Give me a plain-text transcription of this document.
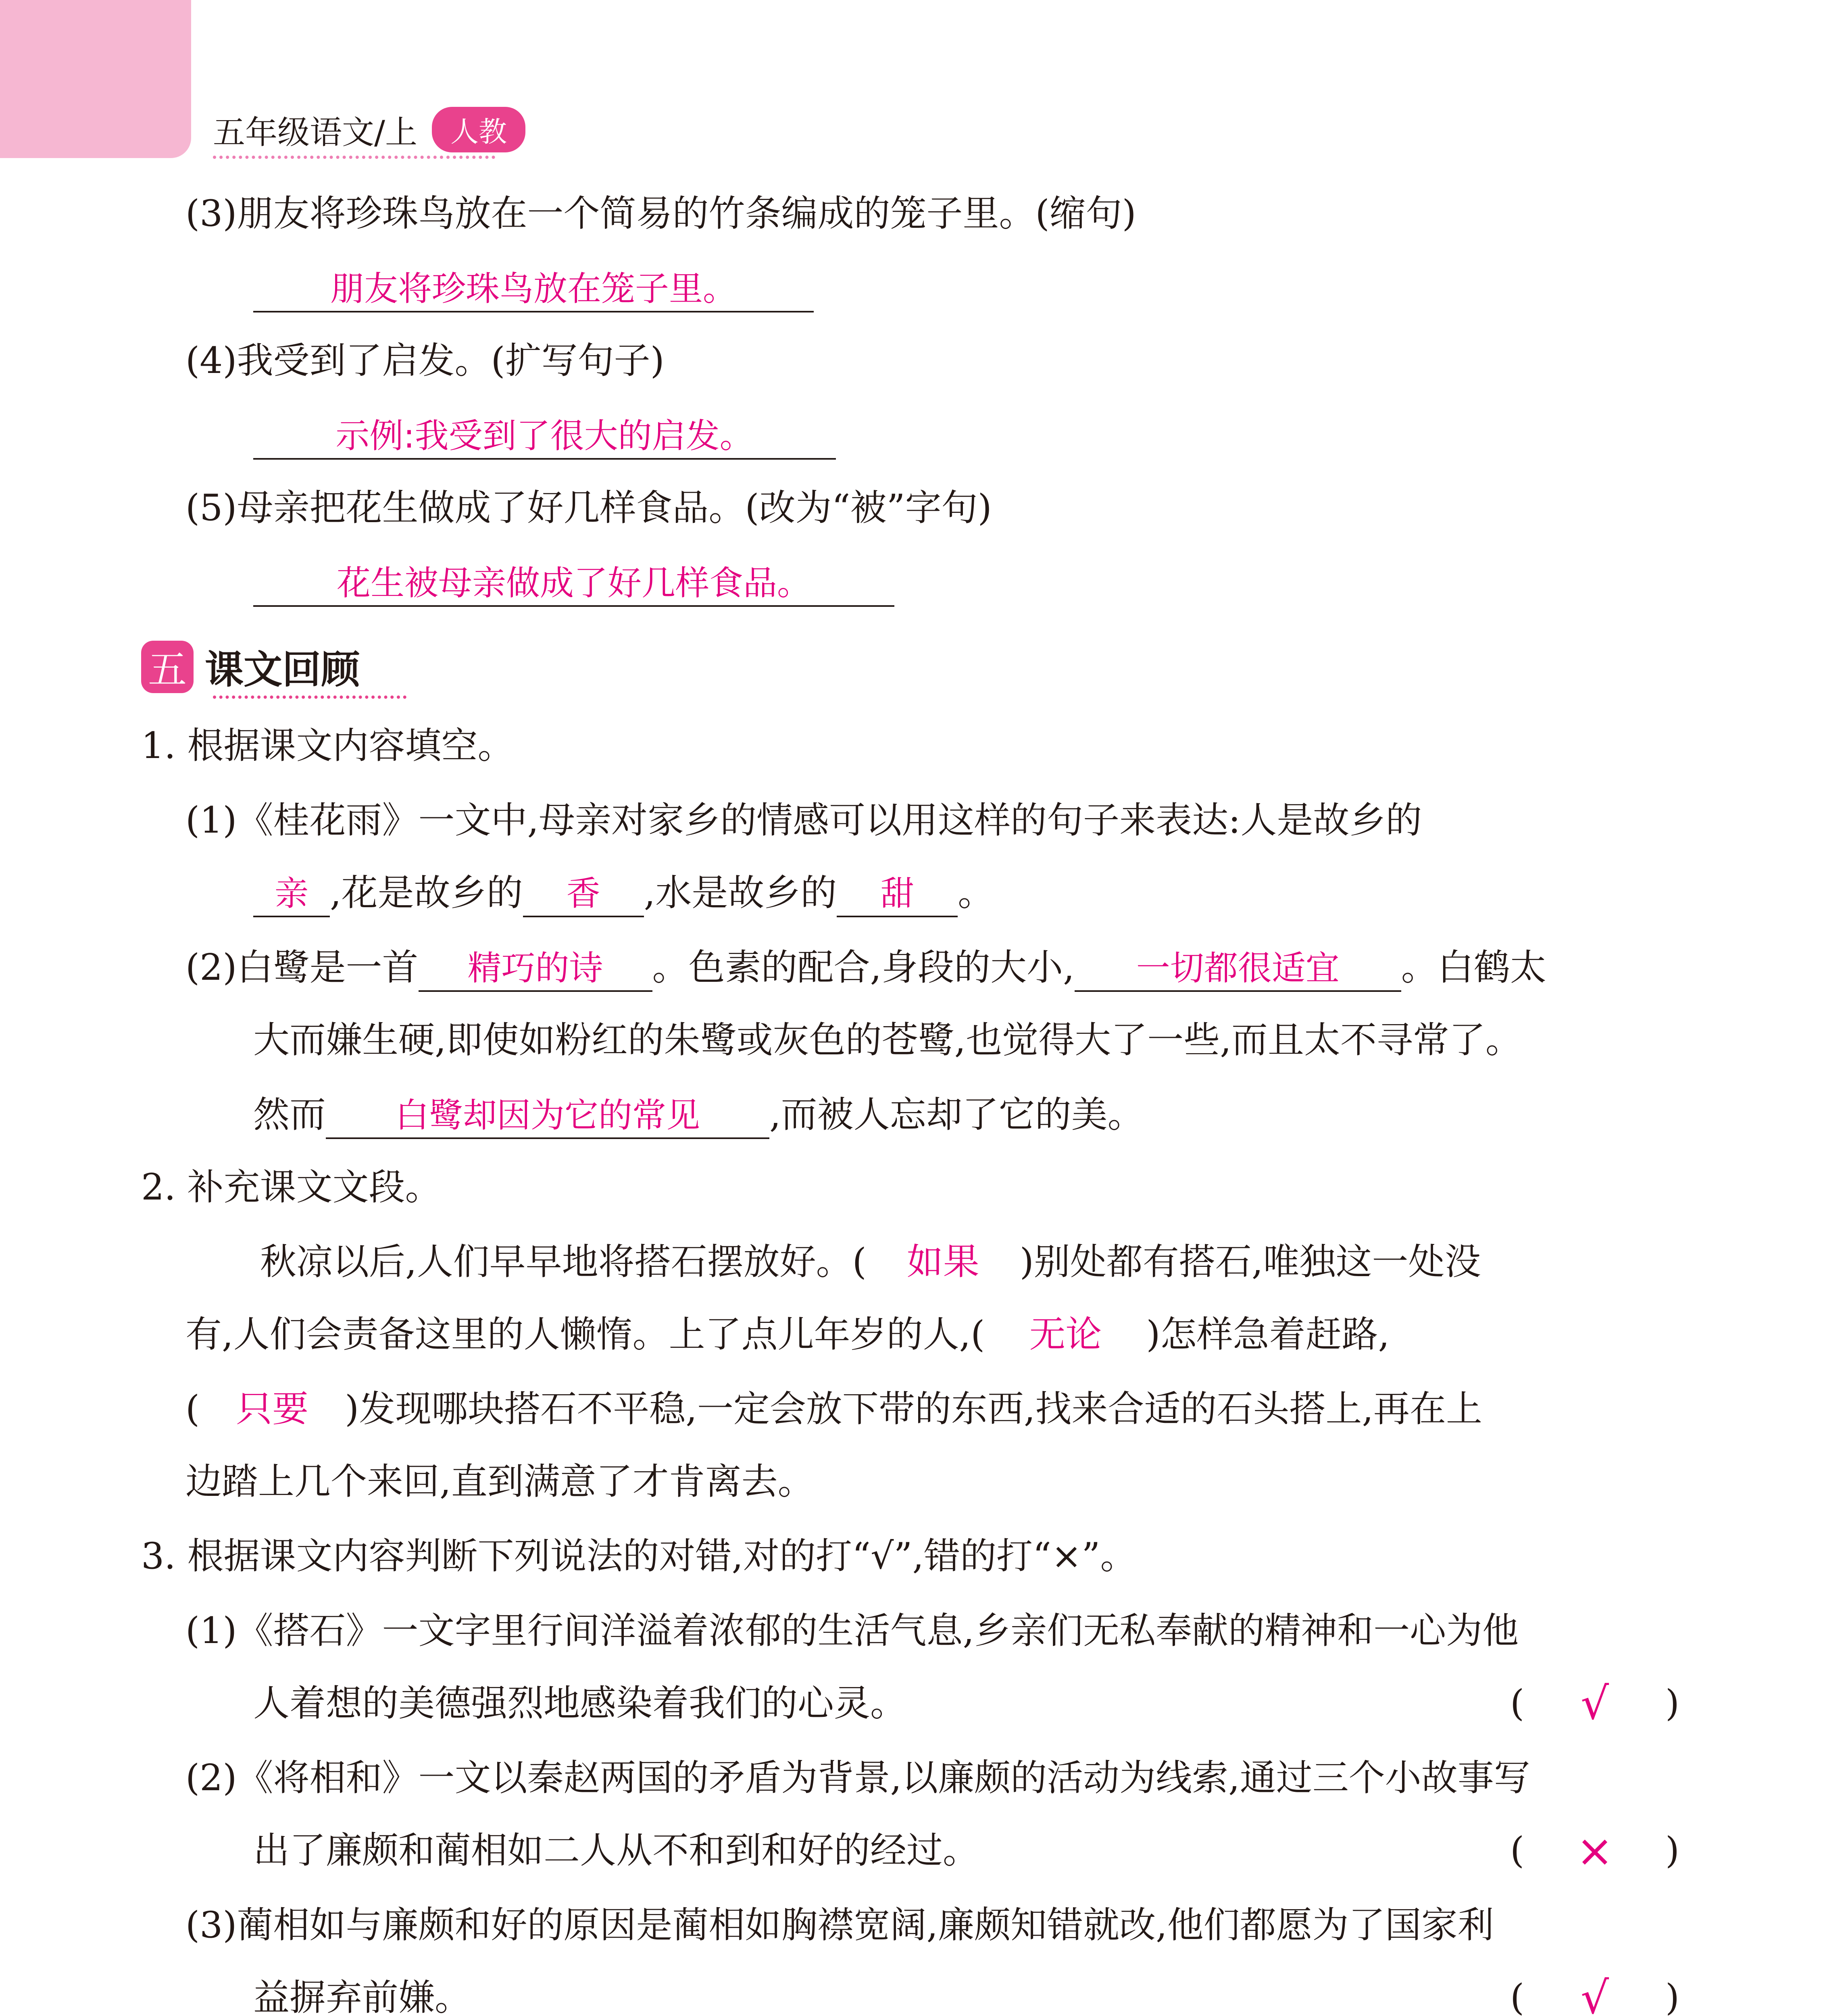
五年级语文/上	人教
(3)朋友将珍珠鸟放在一个简易的竹条编成的笼子里。(缩句)
朋友将珍珠鸟放在笼子里。
(4)我受到了启发。(扩写句子)
示例:我受到了很大的启发。
(5)母亲把花生做成了好几样食品。(改为“被”字句)
花生被母亲做成了好几样食品。
五 课文回顾
1. 根据课文内容填空。
(1)《桂花雨》一文中,母亲对家乡的情感可以用这样的句子来表达:人是故乡的
亲 ,花是故乡的 香 ,水是故乡的 甜 。
(2)白鹭是一首 精巧的诗 。色素的配合,身段的大小, 一切都很适宜 。白鹤太
大而嫌生硬,即使如粉红的朱鹭或灰色的苍鹭,也觉得大了一些,而且太不寻常了。
然而 白鹭却因为它的常见 ,而被人忘却了它的美。
2. 补充课文文段。
秋凉以后,人们早早地将搭石摆放好。( 如果 )别处都有搭石,唯独这一处没
有,人们会责备这里的人懒惰。上了点儿年岁的人,( 无论 )怎样急着赶路,
( 只要 )发现哪块搭石不平稳,一定会放下带的东西,找来合适的石头搭上,再在上
边踏上几个来回,直到满意了才肯离去。
3. 根据课文内容判断下列说法的对错,对的打“√”,错的打“×”。
(1)《搭石》一文字里行间洋溢着浓郁的生活气息,乡亲们无私奉献的精神和一心为他
人着想的美德强烈地感染着我们的心灵。	( √ )
(2)《将相和》一文以秦赵两国的矛盾为背景,以廉颇的活动为线索,通过三个小故事写
出了廉颇和蔺相如二人从不和到和好的经过。	( × )
(3)蔺相如与廉颇和好的原因是蔺相如胸襟宽阔,廉颇知错就改,他们都愿为了国家利
益摒弃前嫌。	( √ )
